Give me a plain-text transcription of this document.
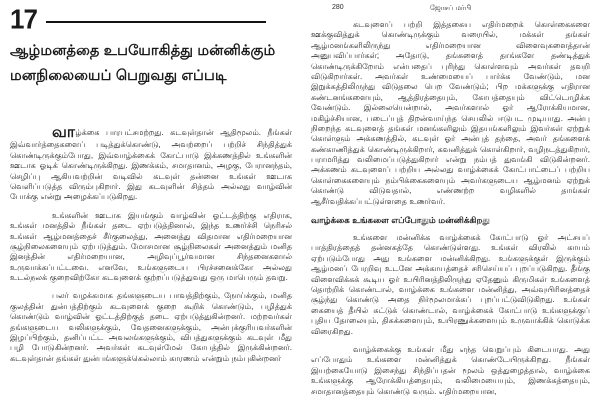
17
ஆழ்மனத்தை உபயோகித்து மன்னிக்கும்
மனநிலையைப் பெறுவது எப்படி

வாழ்க்கை பாரபட்சமற்றது. கடவுள்தான் ஆதிமூலம். நீங்கள் இவ்வார்த்தைகளைப் படித்துக்கொண்டு, அவற்றைப் பற்றிச் சிந்தித்துக் கொண்டிருக்கும்போது, இவ்வாழ்க்கைக் கோட்பாடு இக்கணத்தில் உங்களின் ஊடாக ஓடிக் கொண்டிருக்கிறது. இணக்கம், சமாதானம், அழகு, பேரானந்தம், செழிப்பு ஆகியவற்றின் வடிவில் கடவுள் தன்னை உங்கள் ஊடாக வெளிப்படுத்த விரும்புகிறார். இது கடவுளின் சித்தம் அல்லது வாழ்வின் போக்கு என்று அழைக்கப்படுகிறது.

உங்களின் ஊடாக இயங்கும் வாழ்வின் ஓட்டத்திற்கு எதிராக, உங்கள் மனத்தில் நீங்கள் தடை ஏற்படுத்தினால், இந்த உணர்ச்சி நெரிசல் உங்கள் ஆழ்மனத்தைச் சீர்குலைத்து, அனைத்து விதமான எதிர்மறையான சூழ்நிலைகளையும் ஏற்படுத்தும். மோசமான சூழ்நிலைகள் அனைத்தும் மனித இனத்தின் எதிர்மறையான, அழிவுப்பூர்வமான சிந்தனைகளால் உருவாக்கப்பட்டவை. எனவே, உங்களுடைய பிரச்சனைக்கோ அல்லது உடல்நலக் குறைவிற்கோ கடவுளைக் குற்றப்படுத்துவது ஒரு மாபெரும் தவறு.

பலர் வழக்கமாக தங்களுடைய பாவத்திற்கும், நோய்க்கும், மனித குலத்தின் துன்பத்திற்கும் கடவுளைக் குறை கூறிக் கொண்டும், பழித்துக் கொண்டும் வாழ்வின் ஓட்டத்திற்குத் தடை ஏற்படுத்துகின்றனர். மற்றவர்கள் தங்களுடைய வலிகளுக்கும், வேதனைகளுக்கும், அன்புக்குரியவர்களின் இழப்பிற்கும், தனிப்பட்ட அவலங்களுக்கும், விபத்துகளுக்கும் கடவுள் மீது பழி போடுகின்றனர். அவர்கள் கடவுள்மேல் கோபத்தில் இருக்கின்றனர். கடவுள்தான் தங்கள் துன்பங்களுக்கெல்லாம் காரணம் என்றும் நம்புகின்றனர்

280	ஜோசப் மர்பி

கடவுளைப் பற்றி இத்தகைய எதிர்மறைக் கொள்கைகளை ஊக்குவித்துக் கொண்டிருக்கும் வரையில், மக்கள் தங்கள் ஆழ்மனங்களிலிருந்து எதிர்மறையான விளைவுகளைத்தான் அனுபவிப்பார்கள்; அதோடு, தங்களைத் தாங்களே தண்டித்துக் கொண்டிருக்கிறோம் என்பதைப் புரிந்து கொள்ளவும் அவர்கள் தவறி விடுகிறார்கள். அவர்கள் உண்மையைப் பார்க்க வேண்டும், மன இறுக்கத்திலிருந்து விடுதலை பெற வேண்டும்; பிற மக்களுக்கு எதிரான கண்டனங்களையும், ஆத்திரத்தையும், கோபத்தையும் விட்டொழிக்க வேண்டும். இல்லையென்றால், அவர்களால் ஓர் ஆரோக்கியமான, மகிழ்ச்சியான, படைப்புத் திறன்வாய்ந்த செயலில் ஈடுபட முடியாது. அன்பு நிறைந்த கடவுளைத் தங்கள் மனங்களிலும் இதயங்களிலும் இவர்கள் ஏற்றுக் கொள்ளும் அக்கணத்தில், கடவுள் ஓர் அன்புத் தந்தை, அவர் தங்களைக் கண்காணித்துக் கொண்டிருக்கிறார், கவனித்துக் கொள்கிறார், வழிநடத்துகிறார், பராமரித்து வலிமைப்படுத்துகிறார் என்று நம்பத் துவங்கி விடுகின்றனர். அக்கணம் கடவுளைப் பற்றிய அல்லது வாழ்க்கைக் கோட்பாட்டைப் பற்றிய கொள்கைகளையும் நம்பிக்கைகளையும் அவர்களுடைய ஆழ்மனம் ஏற்றுக் கொண்டு விடுவதால், எண்ணற்ற வழிகளில் தாங்கள் ஆசீர்வதிக்கப்பட்டுள்ளதை உணர்வர்.

வாழ்க்கை உங்களை எப்போதும் மன்னிக்கிறது

உங்களை மன்னிக்க வாழ்க்கைக் கோட்பாடு ஓர் அட்சயப் பாத்திரத்தைத் தன்னகத்தே கொண்டுள்ளது. உங்கள் விரலில் காயம் ஏற்படும்போது அது உங்களை மன்னிக்கிறது. உங்களுக்குள் இருக்கும் ஆழ்மனப் பேரறிவு உடனே அக்காயத்தைச் சரிசெய்யப் புறப்படுகிறது. தீங்கு விளைவிக்கக் கூடிய ஓர் உயிரினத்திலிருந்து ஏதேனும் கிருமிகள் உங்களைத் தொற்றிக் கொண்டால், வாழ்க்கை உங்களை மன்னித்து, அவ்வுயிரினத்தைச் சூழ்ந்து கொண்டு அதை நிர்மூலமாக்கப் புறப்பட்டுவிடுகிறது. உங்கள் கையைத் தீயில் சுட்டுக் கொண்டால், வாழ்க்கைக் கோட்பாடு உங்களுக்குப் புதிய தோலையும், திசுக்களையும், உயிரணுக்களையும் உருவாக்கிக் கொடுக்க விரைகிறது.

வாழ்க்கைக்கு உங்கள் மீது எந்த வெறுப்பும் கிடையாது. அது எப்போதும் உங்களை மன்னித்துக் கொண்டேயிருக்கிறது. நீங்கள் இயற்கையோடு இசைந்து சிந்திப்பதன் மூலம் ஒத்துழைத்தால், வாழ்க்கை உங்களுக்கு ஆரோக்கியத்தையும், வலிமையையும், இணக்கத்தையும், சமாதானத்தையும் கொண்டு வரும். எதிர்மறையான,
